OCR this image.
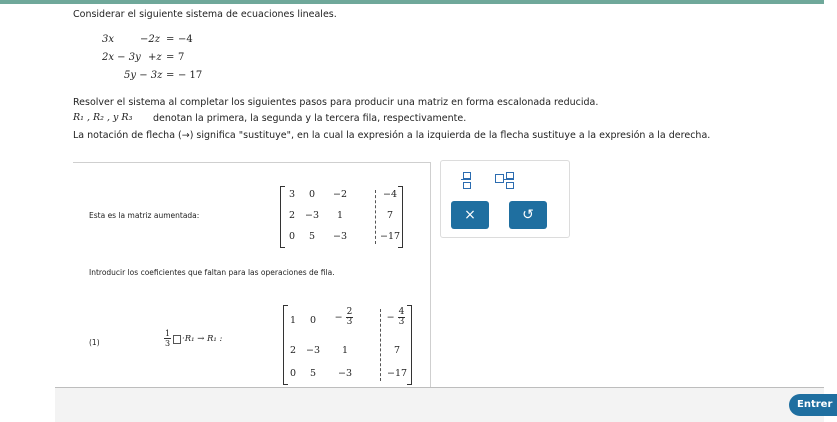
Considerar el siguiente sistema de ecuaciones lineales.
3x	−2z = −4
2x − 3y +z = 7
5y − 3z = − 17
Resolver el sistema al completar los siguientes pasos para producir una matriz en forma escalonada reducida.
R₁ , R₂ , y R₃ denotan la primera, la segunda y la tercera fila, respectivamente.
La notación de flecha (→) significa "sustituye", en la cual la expresión a la izquierda de la flecha sustituye a la expresión a la derecha.
Esta es la matriz aumentada:
3	0	−2	−4
2	−3	1	7
0	5	−3	−17
Introducir los coeficientes que faltan para las operaciones de fila.
(1)	$\frac{1}{3} \cdot R_1 \to R_1$ :
1	0	− $\frac{2}{3}$	− $\frac{4}{3}$
2	−3	1	7
0	5	−3	−17
×	↺
Entrer
